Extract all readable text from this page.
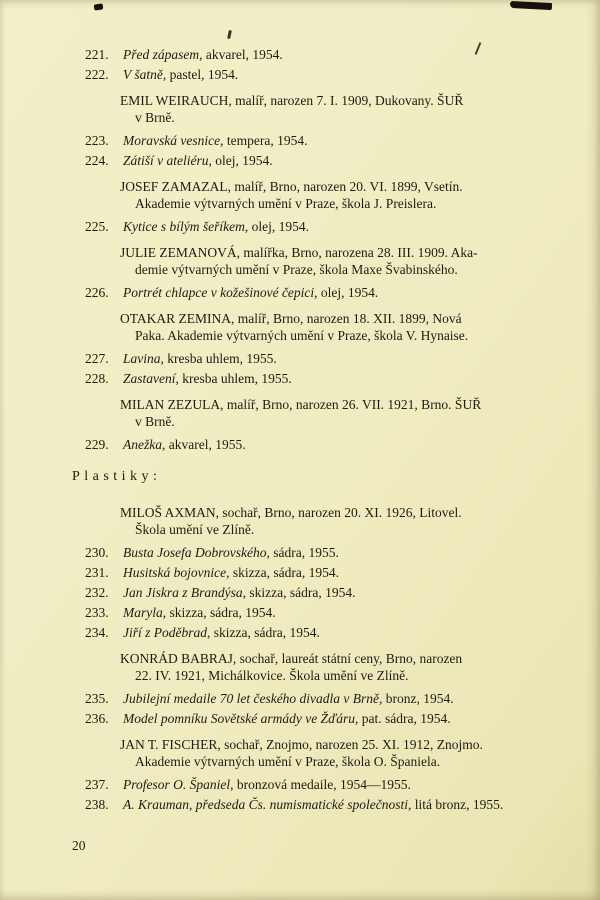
221.	Před zápasem, akvarel, 1954.
222.	V šatně, pastel, 1954.
EMIL WEIRAUCH, malíř, narozen 7. I. 1909, Dukovany. ŠUŘ
v Brně.
223.	Moravská vesnice, tempera, 1954.
224.	Zátiší v ateliéru, olej, 1954.
JOSEF ZAMAZAL, malíř, Brno, narozen 20. VI. 1899, Vsetín.
Akademie výtvarných umění v Praze, škola J. Preislera.
225.	Kytice s bílým šeříkem, olej, 1954.
JULIE ZEMANOVÁ, malířka, Brno, narozena 28. III. 1909. Aka-
demie výtvarných umění v Praze, škola Maxe Švabinského.
226.	Portrét chlapce v kožešinové čepici, olej, 1954.
OTAKAR ZEMINA, malíř, Brno, narozen 18. XII. 1899, Nová
Paka. Akademie výtvarných umění v Praze, škola V. Hynaise.
227.	Lavina, kresba uhlem, 1955.
228.	Zastavení, kresba uhlem, 1955.
MILAN ZEZULA, malíř, Brno, narozen 26. VII. 1921, Brno. ŠUŘ
v Brně.
229.	Anežka, akvarel, 1955.
Plastiky:
MILOŠ AXMAN, sochař, Brno, narozen 20. XI. 1926, Litovel.
Škola umění ve Zlíně.
230.	Busta Josefa Dobrovského, sádra, 1955.
231.	Husitská bojovnice, skizza, sádra, 1954.
232.	Jan Jiskra z Brandýsa, skizza, sádra, 1954.
233.	Maryla, skizza, sádra, 1954.
234.	Jiří z Poděbrad, skizza, sádra, 1954.
KONRÁD BABRAJ, sochař, laureát státní ceny, Brno, narozen
22. IV. 1921, Michálkovice. Škola umění ve Zlíně.
235.	Jubilejní medaile 70 let českého divadla v Brně, bronz, 1954.
236.	Model pomníku Sovětské armády ve Žďáru, pat. sádra, 1954.
JAN T. FISCHER, sochař, Znojmo, narozen 25. XI. 1912, Znojmo.
Akademie výtvarných umění v Praze, škola O. Španiela.
237.	Profesor O. Španiel, bronzová medaile, 1954—1955.
238.	A. Krauman, předseda Čs. numismatické společnosti, litá bronz, 1955.
20
